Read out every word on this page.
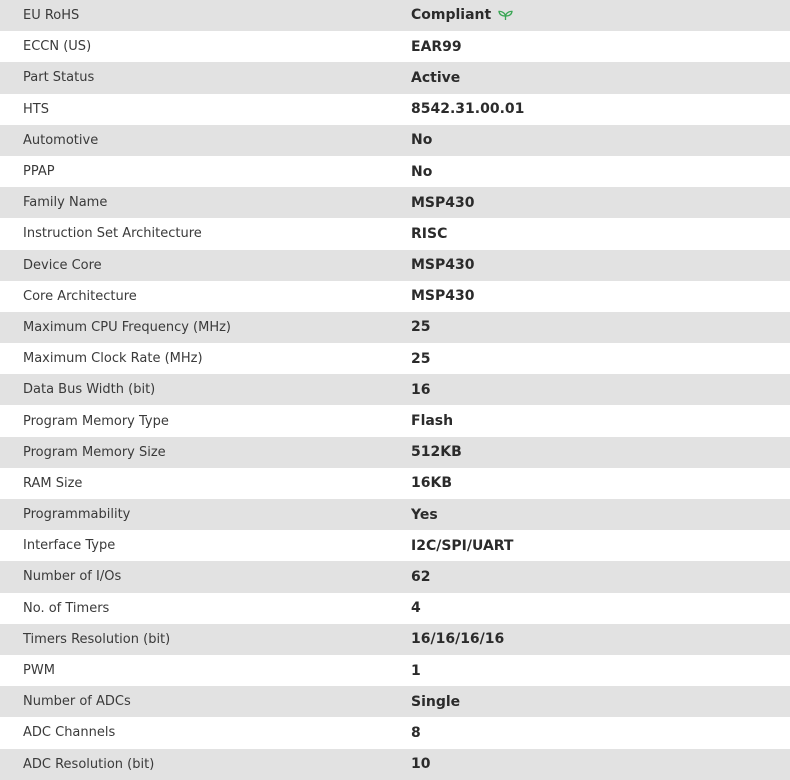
EU RoHS	Compliant
ECCN (US)	EAR99
Part Status	Active
HTS	8542.31.00.01
Automotive	No
PPAP	No
Family Name	MSP430
Instruction Set Architecture	RISC
Device Core	MSP430
Core Architecture	MSP430
Maximum CPU Frequency (MHz)	25
Maximum Clock Rate (MHz)	25
Data Bus Width (bit)	16
Program Memory Type	Flash
Program Memory Size	512KB
RAM Size	16KB
Programmability	Yes
Interface Type	I2C/SPI/UART
Number of I/Os	62
No. of Timers	4
Timers Resolution (bit)	16/16/16/16
PWM	1
Number of ADCs	Single
ADC Channels	8
ADC Resolution (bit)	10
